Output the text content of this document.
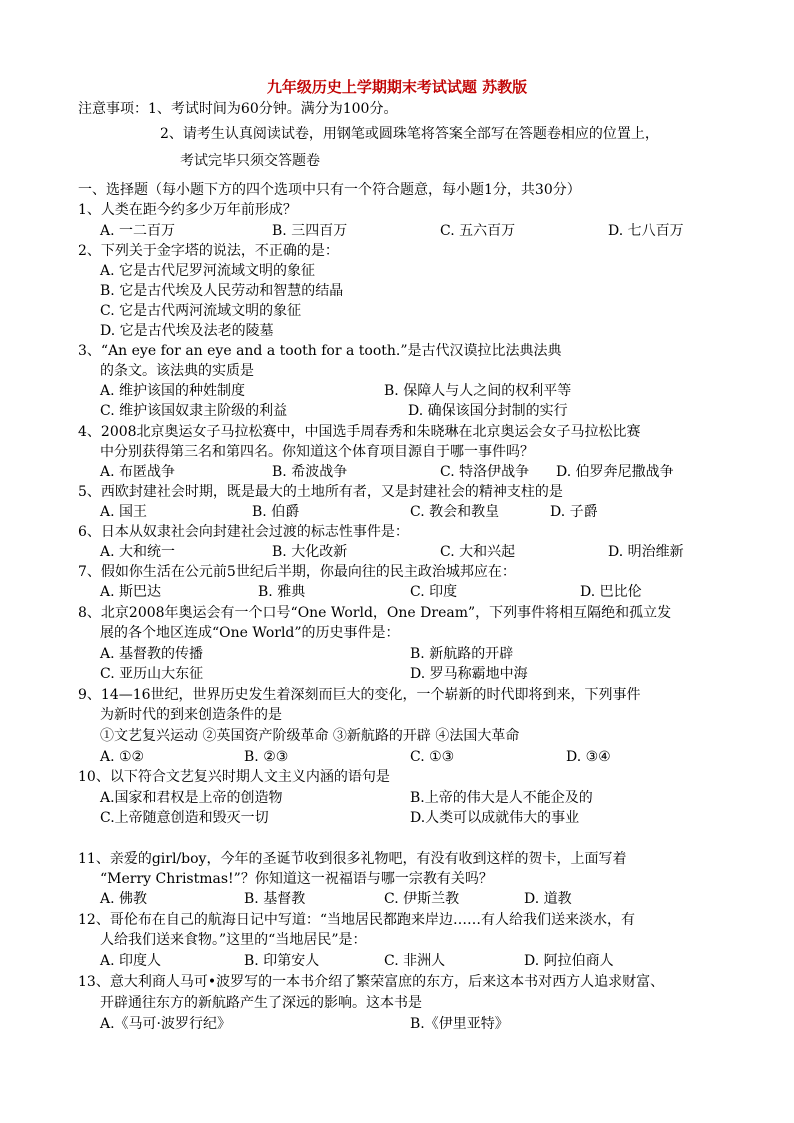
九年级历史上学期期末考试试题 苏教版
注意事项：1、考试时间为60分钟。满分为100分。
2、请考生认真阅读试卷，用钢笔或圆珠笔将答案全部写在答题卷相应的位置上，
考试完毕只须交答题卷
一、选择题（每小题下方的四个选项中只有一个符合题意，每小题1分，共30分）
1、人类在距今约多少万年前形成？
A. 一二百万	B. 三四百万	C. 五六百万	D. 七八百万
2、下列关于金字塔的说法，不正确的是：
A. 它是古代尼罗河流域文明的象征
B. 它是古代埃及人民劳动和智慧的结晶
C. 它是古代两河流域文明的象征
D. 它是古代埃及法老的陵墓
3、“An eye for an eye and a tooth for a tooth.”是古代汉谟拉比法典法典
的条文。该法典的实质是
A. 维护该国的种姓制度	B. 保障人与人之间的权利平等
C. 维护该国奴隶主阶级的利益	D. 确保该国分封制的实行
4、2008北京奥运女子马拉松赛中，中国选手周春秀和朱晓琳在北京奥运会女子马拉松比赛
中分别获得第三名和第四名。你知道这个体育项目源自于哪一事件吗？
A. 布匿战争	B. 希波战争	C. 特洛伊战争 D. 伯罗奔尼撒战争
5、西欧封建社会时期，既是最大的土地所有者，又是封建社会的精神支柱的是
A. 国王	B. 伯爵	C. 教会和教皇	D. 子爵
6、日本从奴隶社会向封建社会过渡的标志性事件是：
A. 大和统一	B. 大化改新	C. 大和兴起	D. 明治维新
7、假如你生活在公元前5世纪后半期，你最向往的民主政治城邦应在：
A. 斯巴达	B. 雅典	C. 印度	D. 巴比伦
8、北京2008年奥运会有一个口号“One World，One Dream”，下列事件将相互隔绝和孤立发
展的各个地区连成“One World”的历史事件是：
A. 基督教的传播	B. 新航路的开辟
C. 亚历山大东征	D. 罗马称霸地中海
9、14—16世纪，世界历史发生着深刻而巨大的变化，一个崭新的时代即将到来，下列事件
为新时代的到来创造条件的是
①文艺复兴运动 ②英国资产阶级革命 ③新航路的开辟 ④法国大革命
A. ①②	B. ②③	C. ①③	D. ③④
10、以下符合文艺复兴时期人文主义内涵的语句是
A.国家和君权是上帝的创造物	B.上帝的伟大是人不能企及的
C.上帝随意创造和毁灭一切	D.人类可以成就伟大的事业
11、亲爱的girl/boy，今年的圣诞节收到很多礼物吧，有没有收到这样的贺卡，上面写着
“Merry Christmas!”？你知道这一祝福语与哪一宗教有关吗？
A. 佛教	B. 基督教	C. 伊斯兰教	D. 道教
12、哥伦布在自己的航海日记中写道：“当地居民都跑来岸边……有人给我们送来淡水，有
人给我们送来食物。”这里的“当地居民”是：
A. 印度人	B. 印第安人	C. 非洲人	D. 阿拉伯商人
13、意大利商人马可•波罗写的一本书介绍了繁荣富庶的东方，后来这本书对西方人追求财富、
开辟通往东方的新航路产生了深远的影响。这本书是
A.《马可·波罗行纪》	B.《伊里亚特》
